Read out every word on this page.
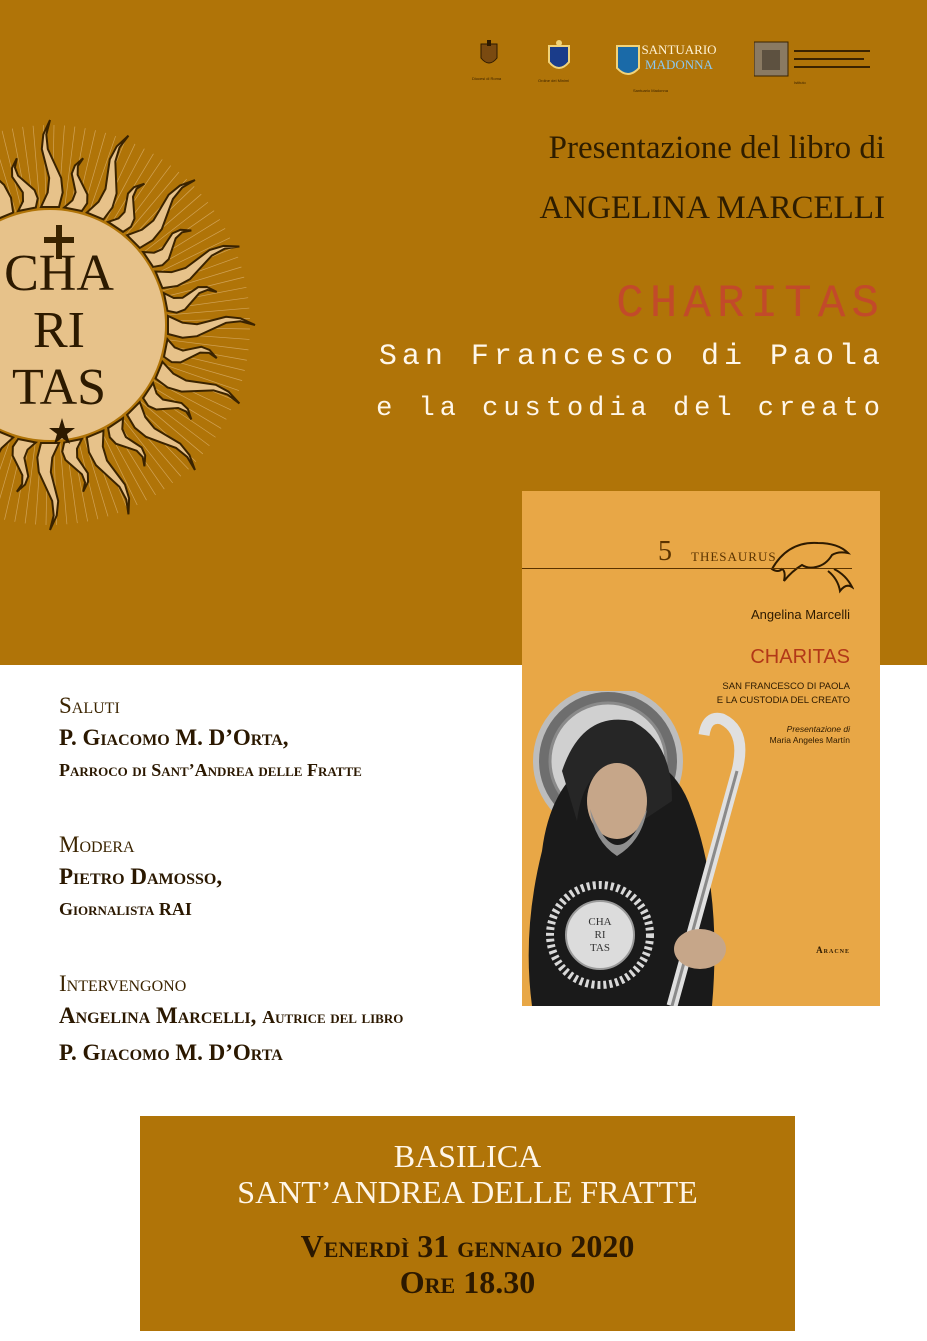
CHA
RI
TAS
Diocesi di Roma	Ordine dei Minimi
SANTUARIO
MADONNA
Santuario Madonna
Istituto
Presentazione del libro di
ANGELINA MARCELLI
CHARITAS
San Francesco di Paola
e la custodia del creato
5 THESAURUS
Angelina Marcelli
CHARITAS
SAN FRANCESCO DI PAOLA
E LA CUSTODIA DEL CREATO
Presentazione di
Maria Angeles Martín
CHA
RI
TAS	Aracne
Saluti
P. Giacomo M. D’Orta,
Parroco di Sant’Andrea delle Fratte
Modera
Pietro Damosso,
Giornalista RAI
Intervengono
Angelina Marcelli, Autrice del libro
P. Giacomo M. D’Orta
BASILICA
SANT’ANDREA DELLE FRATTE
Venerdì 31 gennaio 2020
Ore 18.30
